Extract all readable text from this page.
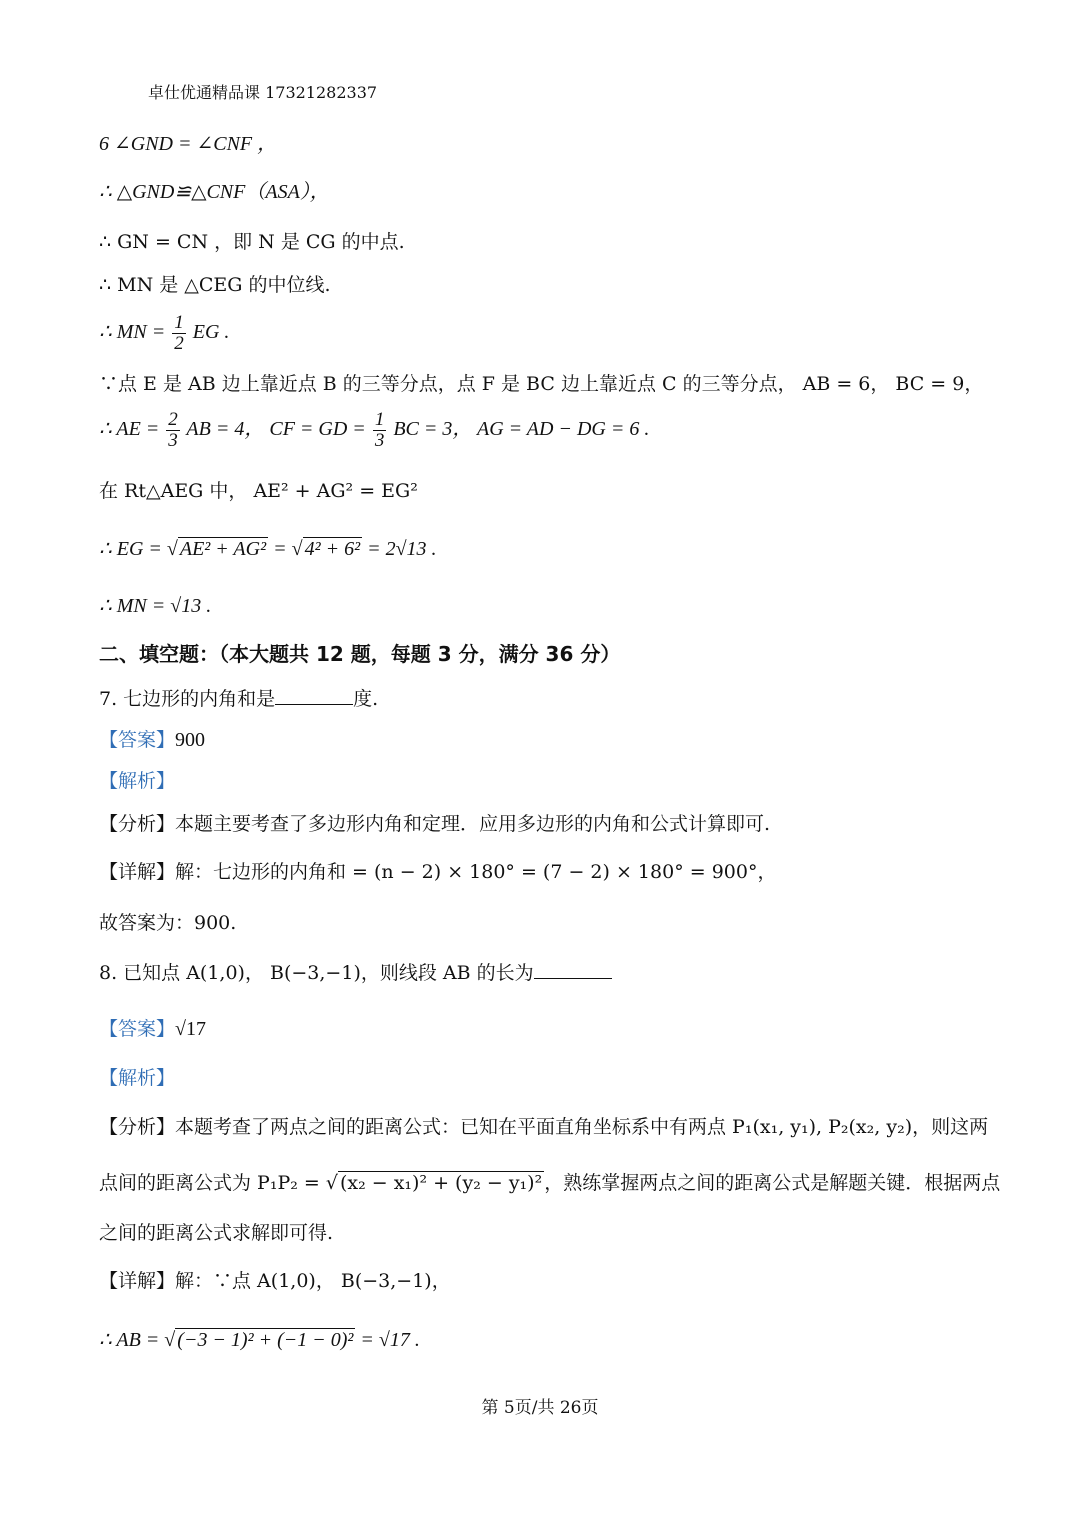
卓仕优通精品课 17321282337
6 ∠GND = ∠CNF ，
∴ △GND≌△CNF（ASA），
∴ GN = CN ，即 N 是 CG 的中点.
∴ MN 是 △CEG 的中位线.
∴ MN = $\frac{1}{2}$ EG .
∵点 E 是 AB 边上靠近点 B 的三等分点，点 F 是 BC 边上靠近点 C 的三等分点， AB = 6， BC = 9，
∴ AE = $\frac{2}{3}$ AB = 4， CF = GD = $\frac{1}{3}$ BC = 3， AG = AD − DG = 6 .
在 Rt△AEG 中， AE² + AG² = EG²
∴ EG = √ AE² + AG² = √ 4² + 6² = 2√13 .
∴ MN = √13 .
二、填空题：（本大题共 12 题，每题 3 分，满分 36 分）
7. 七边形的内角和是	度.
【答案】900
【解析】
【分析】本题主要考查了多边形内角和定理．应用多边形的内角和公式计算即可.
【详解】解：七边形的内角和 = (n − 2) × 180° = (7 − 2) × 180° = 900°，
故答案为：900.
8. 已知点 A(1,0)， B(−3,−1)，则线段 AB 的长为
【答案】√17
【解析】
【分析】本题考查了两点之间的距离公式：已知在平面直角坐标系中有两点 P₁(x₁, y₁), P₂(x₂, y₂)，则这两
点间的距离公式为 P₁P₂ = √ (x₂ − x₁)² + (y₂ − y₁)² ，熟练掌握两点之间的距离公式是解题关键．根据两点
之间的距离公式求解即可得.
【详解】解：∵点 A(1,0)， B(−3,−1)，
∴ AB = √ (−3 − 1)² + (−1 − 0)² = √17 .
第 5页/共 26页
